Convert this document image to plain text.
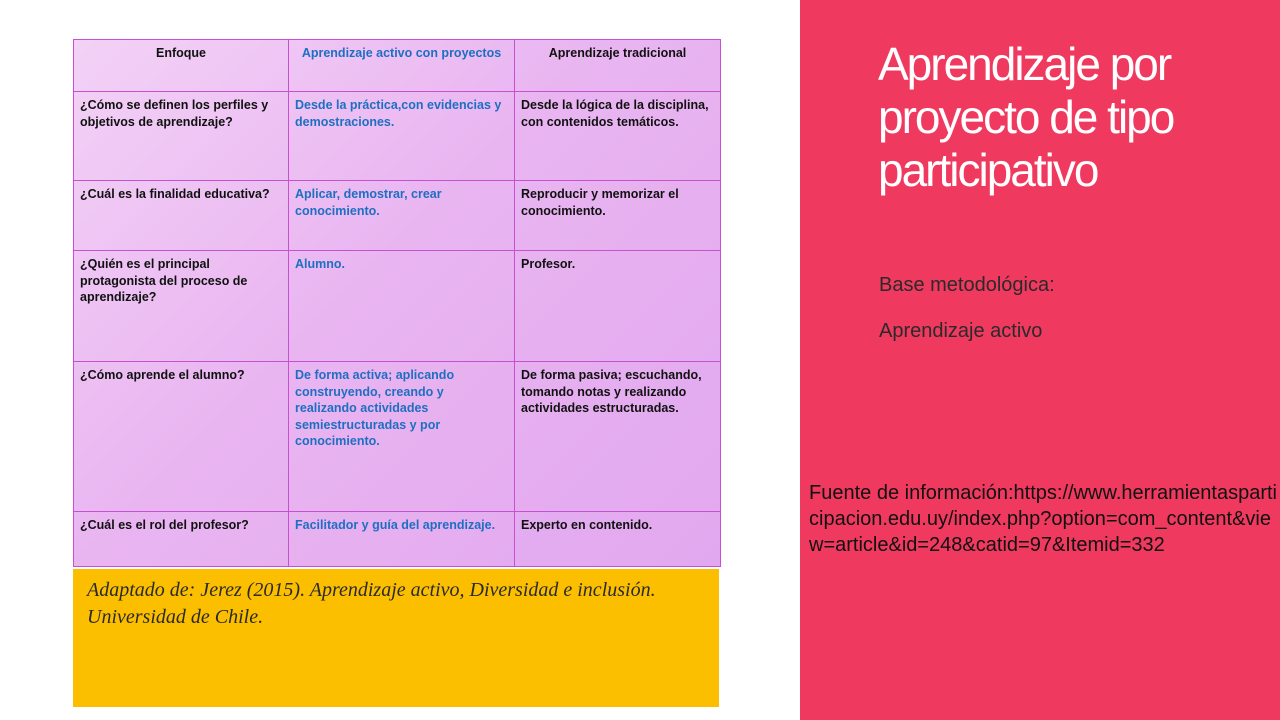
Enfoque	Aprendizaje activo con proyectos	Aprendizaje tradicional
¿Cómo se definen los perfiles y objetivos de aprendizaje?	Desde la práctica,con evidencias y demostraciones.	Desde la lógica de la disciplina, con contenidos temáticos.
¿Cuál es la finalidad educativa?	Aplicar, demostrar, crear conocimiento.	Reproducir y memorizar el conocimiento.
¿Quién es el principal protagonista del proceso de aprendizaje?	Alumno.	Profesor.
¿Cómo aprende el alumno?	De forma activa; aplicando construyendo, creando y realizando actividades semiestructuradas y por conocimiento.	De forma pasiva; escuchando, tomando notas y realizando actividades estructuradas.
¿Cuál es el rol del profesor?	Facilitador y guía del aprendizaje.	Experto en contenido.
Adaptado de: Jerez (2015). Aprendizaje activo, Diversidad e inclusión. Universidad de Chile.
Aprendizaje por proyecto de tipo participativo
Base metodológica:
Aprendizaje activo
Fuente de información:https://www.herramientasparticipacion.edu.uy/index.php?option=com_content&view=article&id=248&catid=97&Itemid=332
